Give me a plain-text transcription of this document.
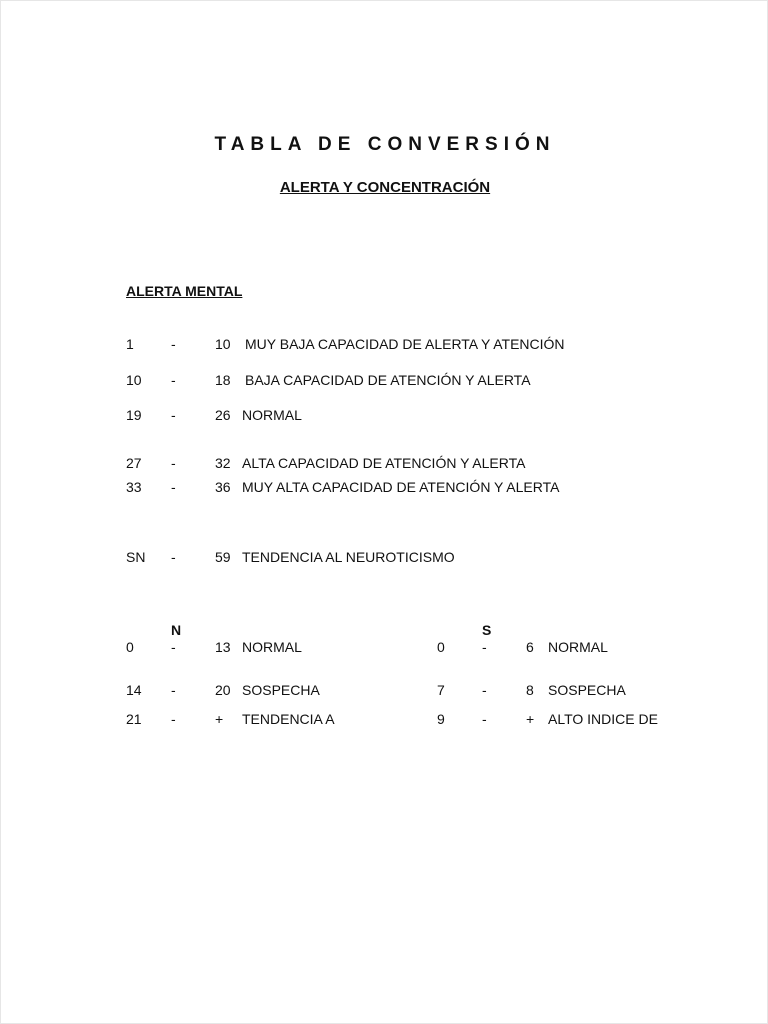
TABLA DE CONVERSIÓN
ALERTA Y CONCENTRACIÓN
ALERTA MENTAL
1	-	10 MUY BAJA CAPACIDAD DE ALERTA Y ATENCIÓN
10 -	18 BAJA CAPACIDAD DE ATENCIÓN Y ALERTA
19 -	26 NORMAL
27 -	32 ALTA CAPACIDAD DE ATENCIÓN Y ALERTA
33 -	36 MUY ALTA CAPACIDAD DE ATENCIÓN Y ALERTA
SN -	59 TENDENCIA AL NEUROTICISMO
N
0	-	13 NORMAL
14 -	20 SOSPECHA
21 -	+ TENDENCIA A
S
0	-	6 NORMAL
7	-	8 SOSPECHA
9	-	+ ALTO INDICE DE
